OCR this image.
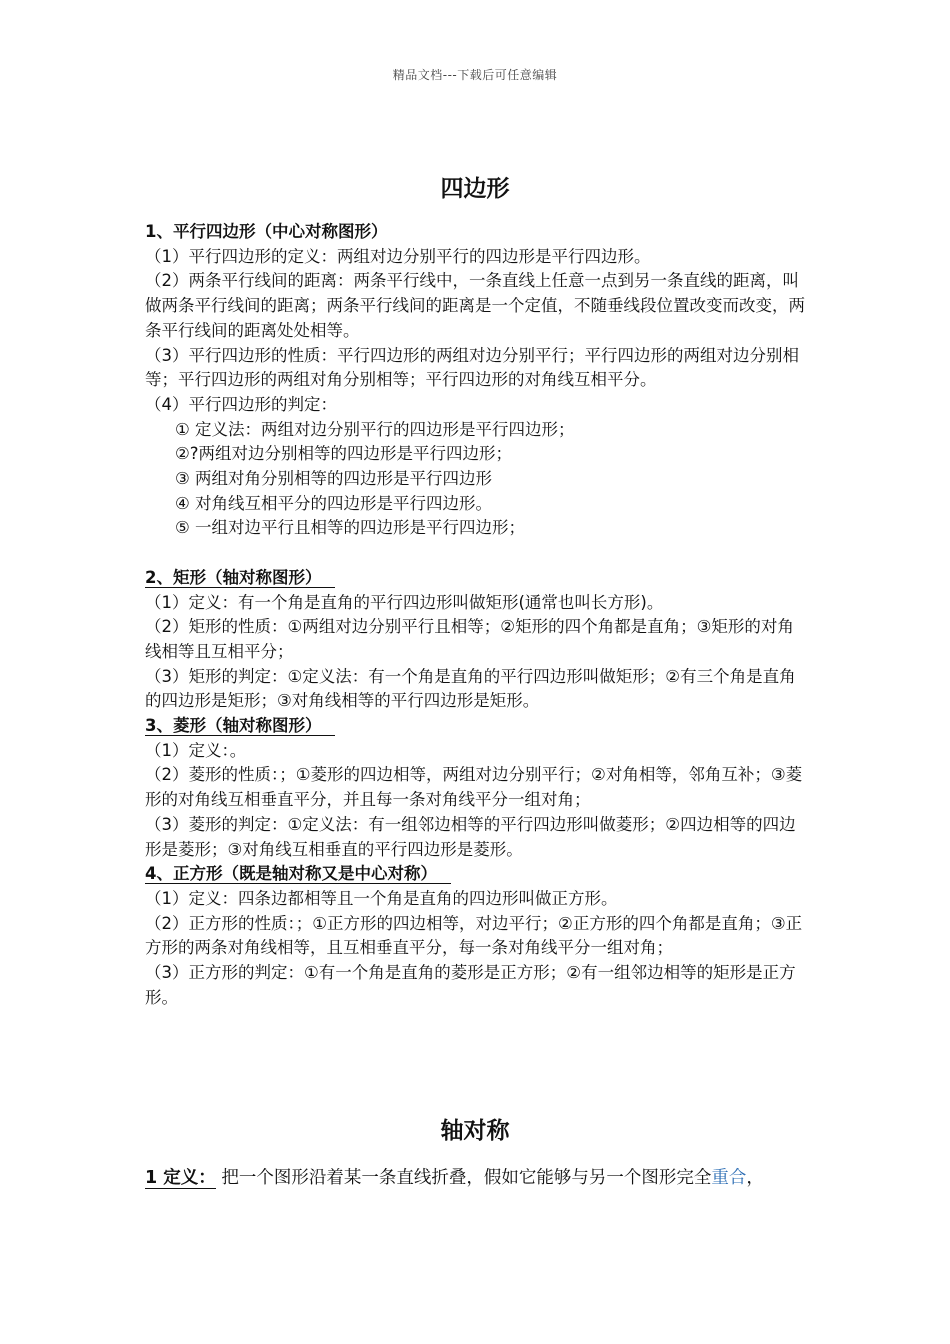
精品文档---下载后可任意编辑
四边形

1、平行四边形（中心对称图形）

（1）平行四边形的定义：两组对边分别平行的四边形是平行四边形。

（2）两条平行线间的距离：两条平行线中，一条直线上任意一点到另一条直线的距离，叫做两条平行线间的距离；两条平行线间的距离是一个定值，不随垂线段位置改变而改变，两条平行线间的距离处处相等。

（3）平行四边形的性质：平行四边形的两组对边分别平行；平行四边形的两组对边分别相等；平行四边形的两组对角分别相等；平行四边形的对角线互相平分。

（4）平行四边形的判定：

① 定义法：两组对边分别平行的四边形是平行四边形；

②?两组对边分别相等的四边形是平行四边形；

③ 两组对角分别相等的四边形是平行四边形

④ 对角线互相平分的四边形是平行四边形。

⑤ 一组对边平行且相等的四边形是平行四边形；

2、矩形（轴对称图形）

（1）定义：有一个角是直角的平行四边形叫做矩形(通常也叫长方形)。

（2）矩形的性质：①两组对边分别平行且相等；②矩形的四个角都是直角；③矩形的对角线相等且互相平分；

（3）矩形的判定：①定义法：有一个角是直角的平行四边形叫做矩形；②有三个角是直角的四边形是矩形；③对角线相等的平行四边形是矩形。

3、菱形（轴对称图形）

（1）定义：。

（2）菱形的性质：；①菱形的四边相等，两组对边分别平行；②对角相等，邻角互补；③菱形的对角线互相垂直平分，并且每一条对角线平分一组对角；

（3）菱形的判定：①定义法：有一组邻边相等的平行四边形叫做菱形；②四边相等的四边形是菱形；③对角线互相垂直的平行四边形是菱形。

4、正方形（既是轴对称又是中心对称）

（1）定义：四条边都相等且一个角是直角的四边形叫做正方形。

（2）正方形的性质：；①正方形的四边相等，对边平行；②正方形的四个角都是直角；③正方形的两条对角线相等，且互相垂直平分，每一条对角线平分一组对角；

（3）正方形的判定：①有一个角是直角的菱形是正方形；②有一组邻边相等的矩形是正方形。

轴对称
1 定义： 把一个图形沿着某一条直线折叠，假如它能够与另一个图形完全重合，
